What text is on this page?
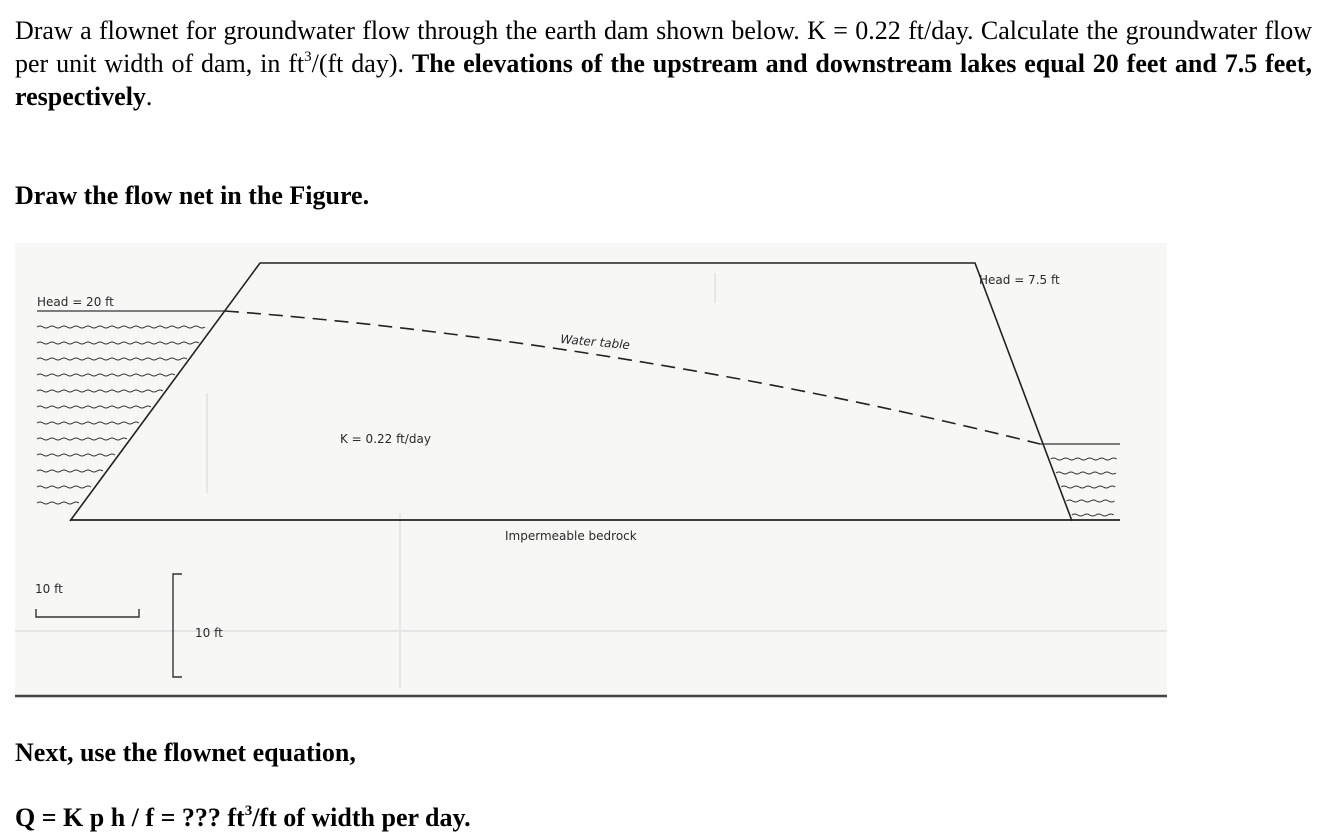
Draw a flownet for groundwater flow through the earth dam shown below. K = 0.22 ft/day. Calculate the groundwater flow per unit width of dam, in $ft^3/(ft$ day). The elevations of the upstream and downstream lakes equal 20 feet and 7.5 feet, respectively.

Draw the flow net in the Figure.

Head = 20 ft
Head = 7.5 ft
Water table
K = 0.22 ft/day
Impermeable bedrock
10 ft
10 ft

Next, use the flownet equation,

Q = K p h / f = ??? $ft^3/ft$ of width per day.
